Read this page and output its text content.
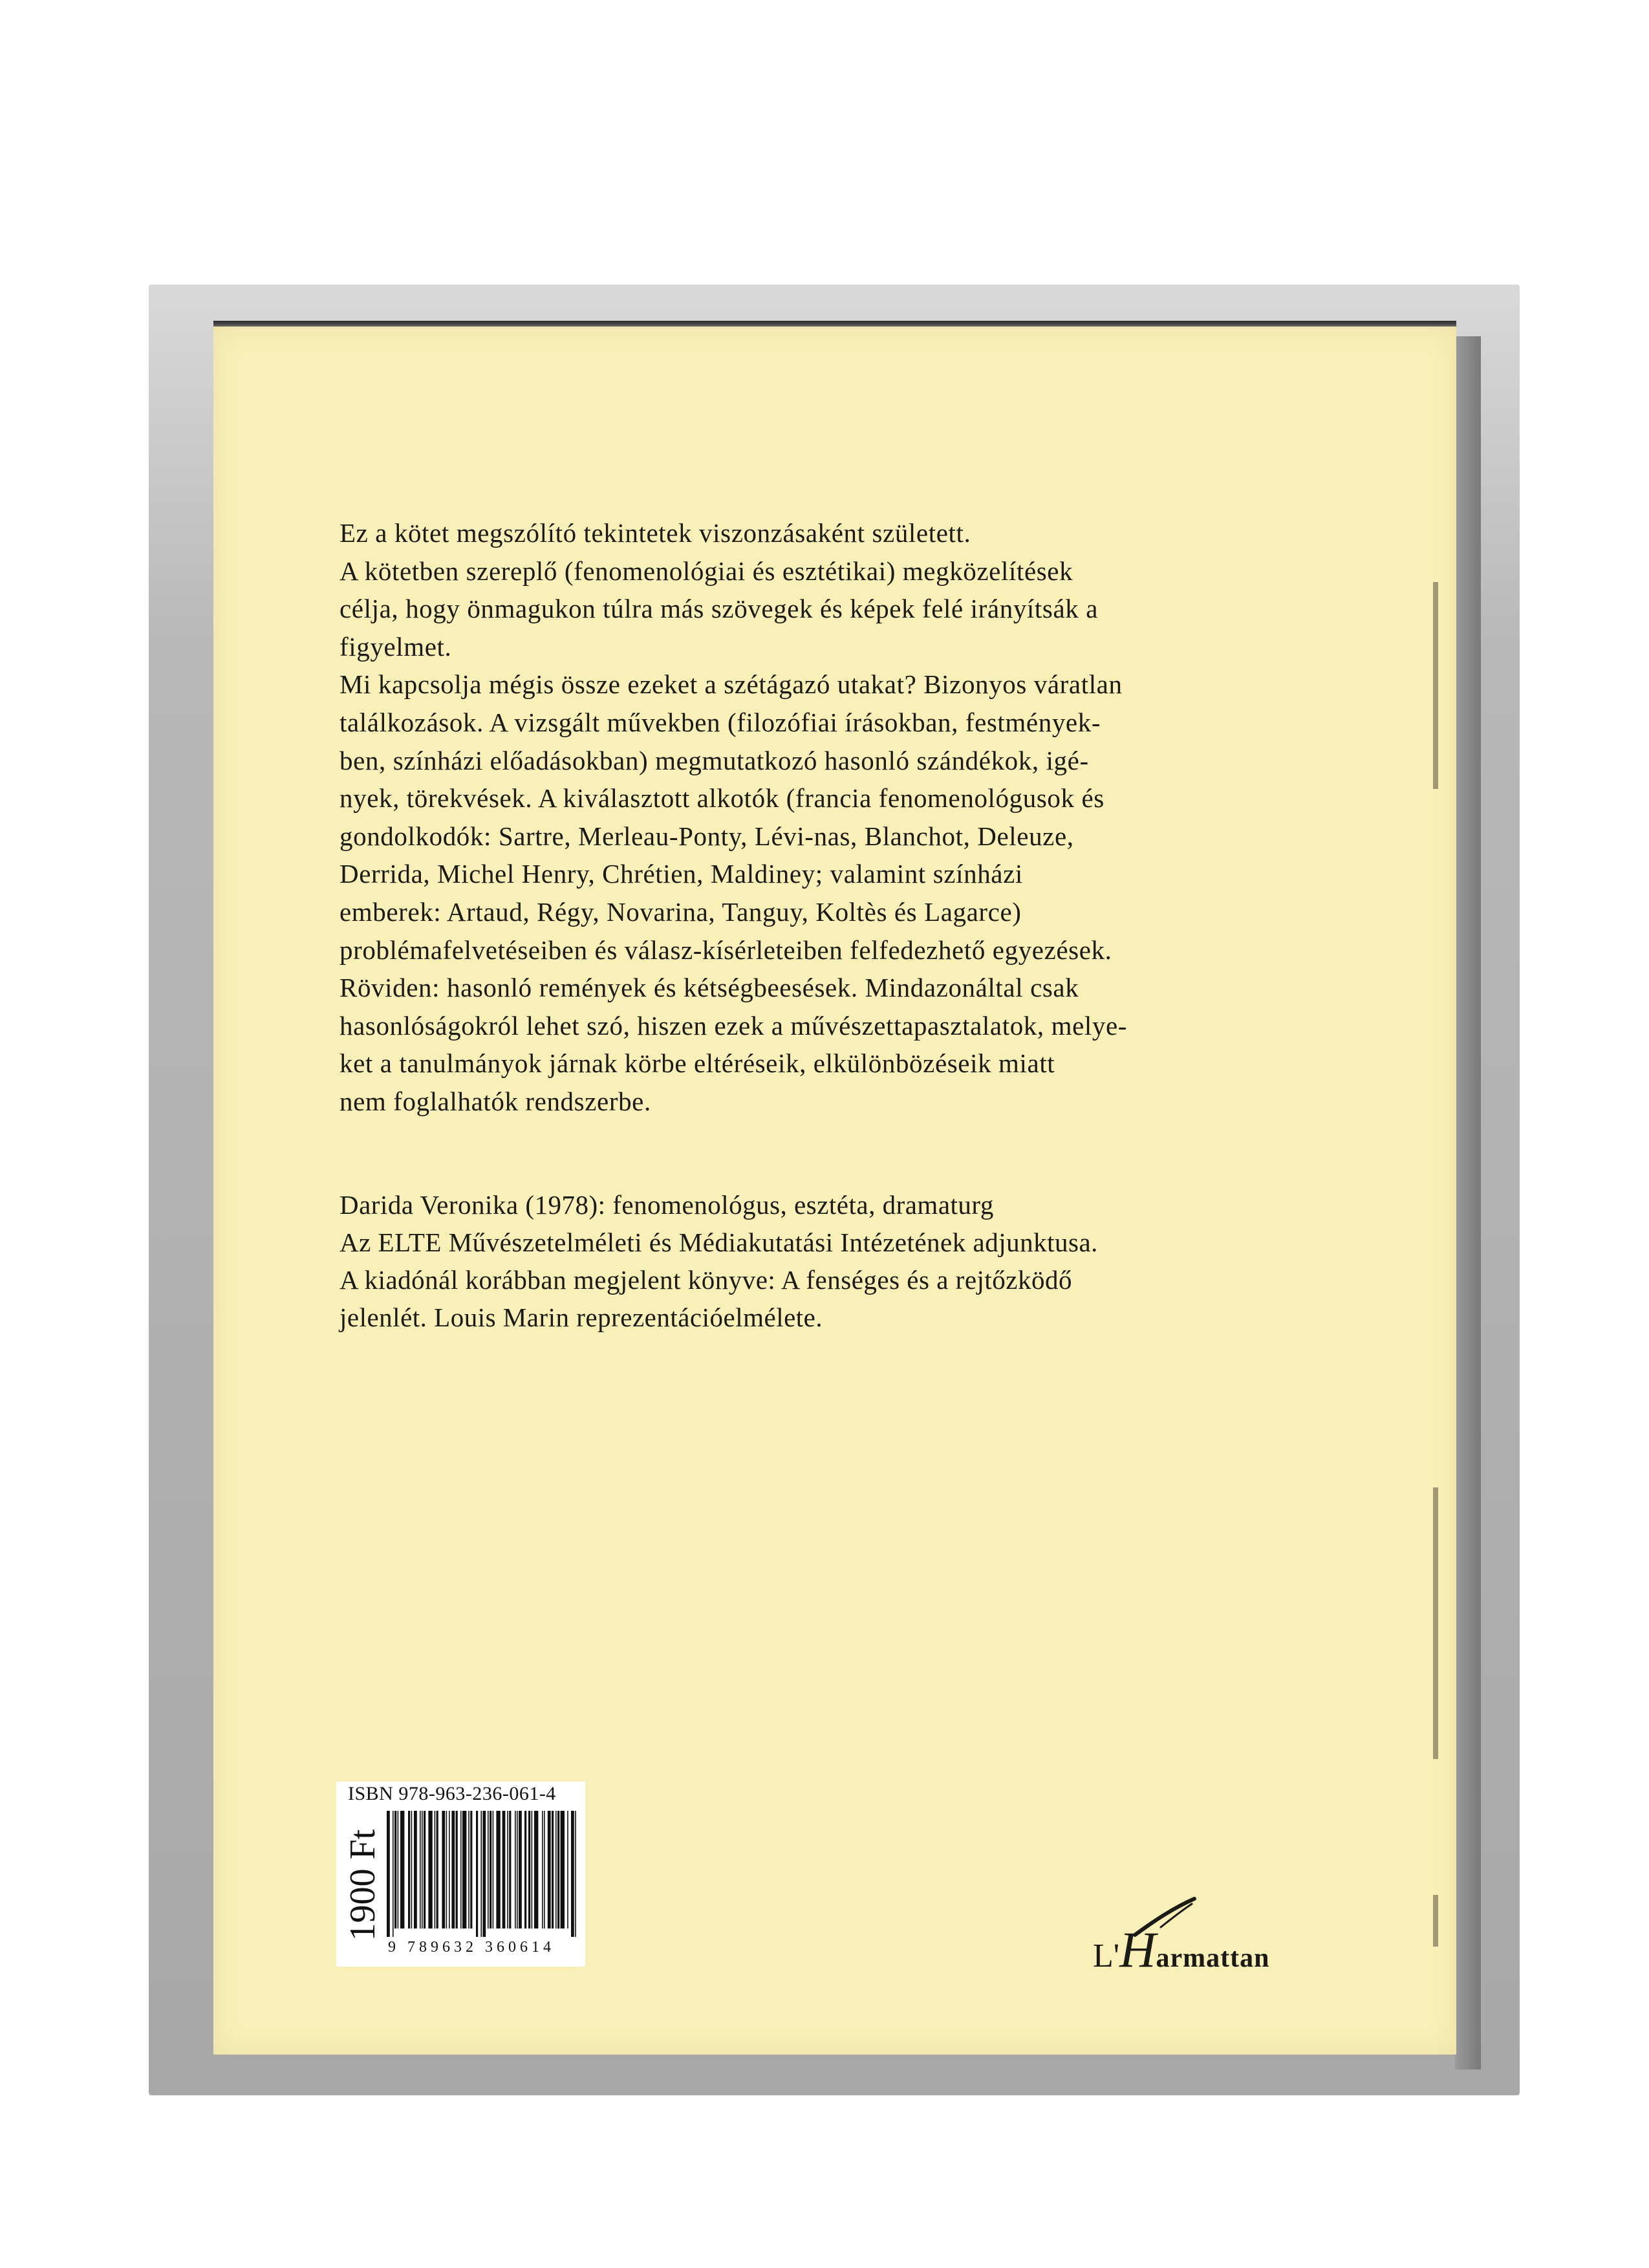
Ez a kötet megszólító tekintetek viszonzásaként született.
A kötetben szereplő (fenomenológiai és esztétikai) megközelítések
célja, hogy önmagukon túlra más szövegek és képek felé irányítsák a
figyelmet.
Mi kapcsolja mégis össze ezeket a szétágazó utakat? Bizonyos váratlan
találkozások. A vizsgált művekben (filozófiai írásokban, festmények-
ben, színházi előadásokban) megmutatkozó hasonló szándékok, igé-
nyek, törekvések. A kiválasztott alkotók (francia fenomenológusok és
gondolkodók: Sartre, Merleau-Ponty, Lévi-nas, Blanchot, Deleuze,
Derrida, Michel Henry, Chrétien, Maldiney; valamint színházi
emberek: Artaud, Régy, Novarina, Tanguy, Koltès és Lagarce)
problémafelvetéseiben és válasz-kísérleteiben felfedezhető egyezések.
Röviden: hasonló remények és kétségbeesések. Mindazonáltal csak
hasonlóságokról lehet szó, hiszen ezek a művészettapasztalatok, melye-
ket a tanulmányok járnak körbe eltéréseik, elkülönbözéseik miatt
nem foglalhatók rendszerbe.

Darida Veronika (1978): fenomenológus, esztéta, dramaturg
Az ELTE Művészetelméleti és Médiakutatási Intézetének adjunktusa.
A kiadónál korábban megjelent könyve: A fenséges és a rejtőzködő
jelenlét. Louis Marin reprezentációelmélete.
ISBN 978-963-236-061-4
1900 Ft
9 789632 360614	L'Harmattan
